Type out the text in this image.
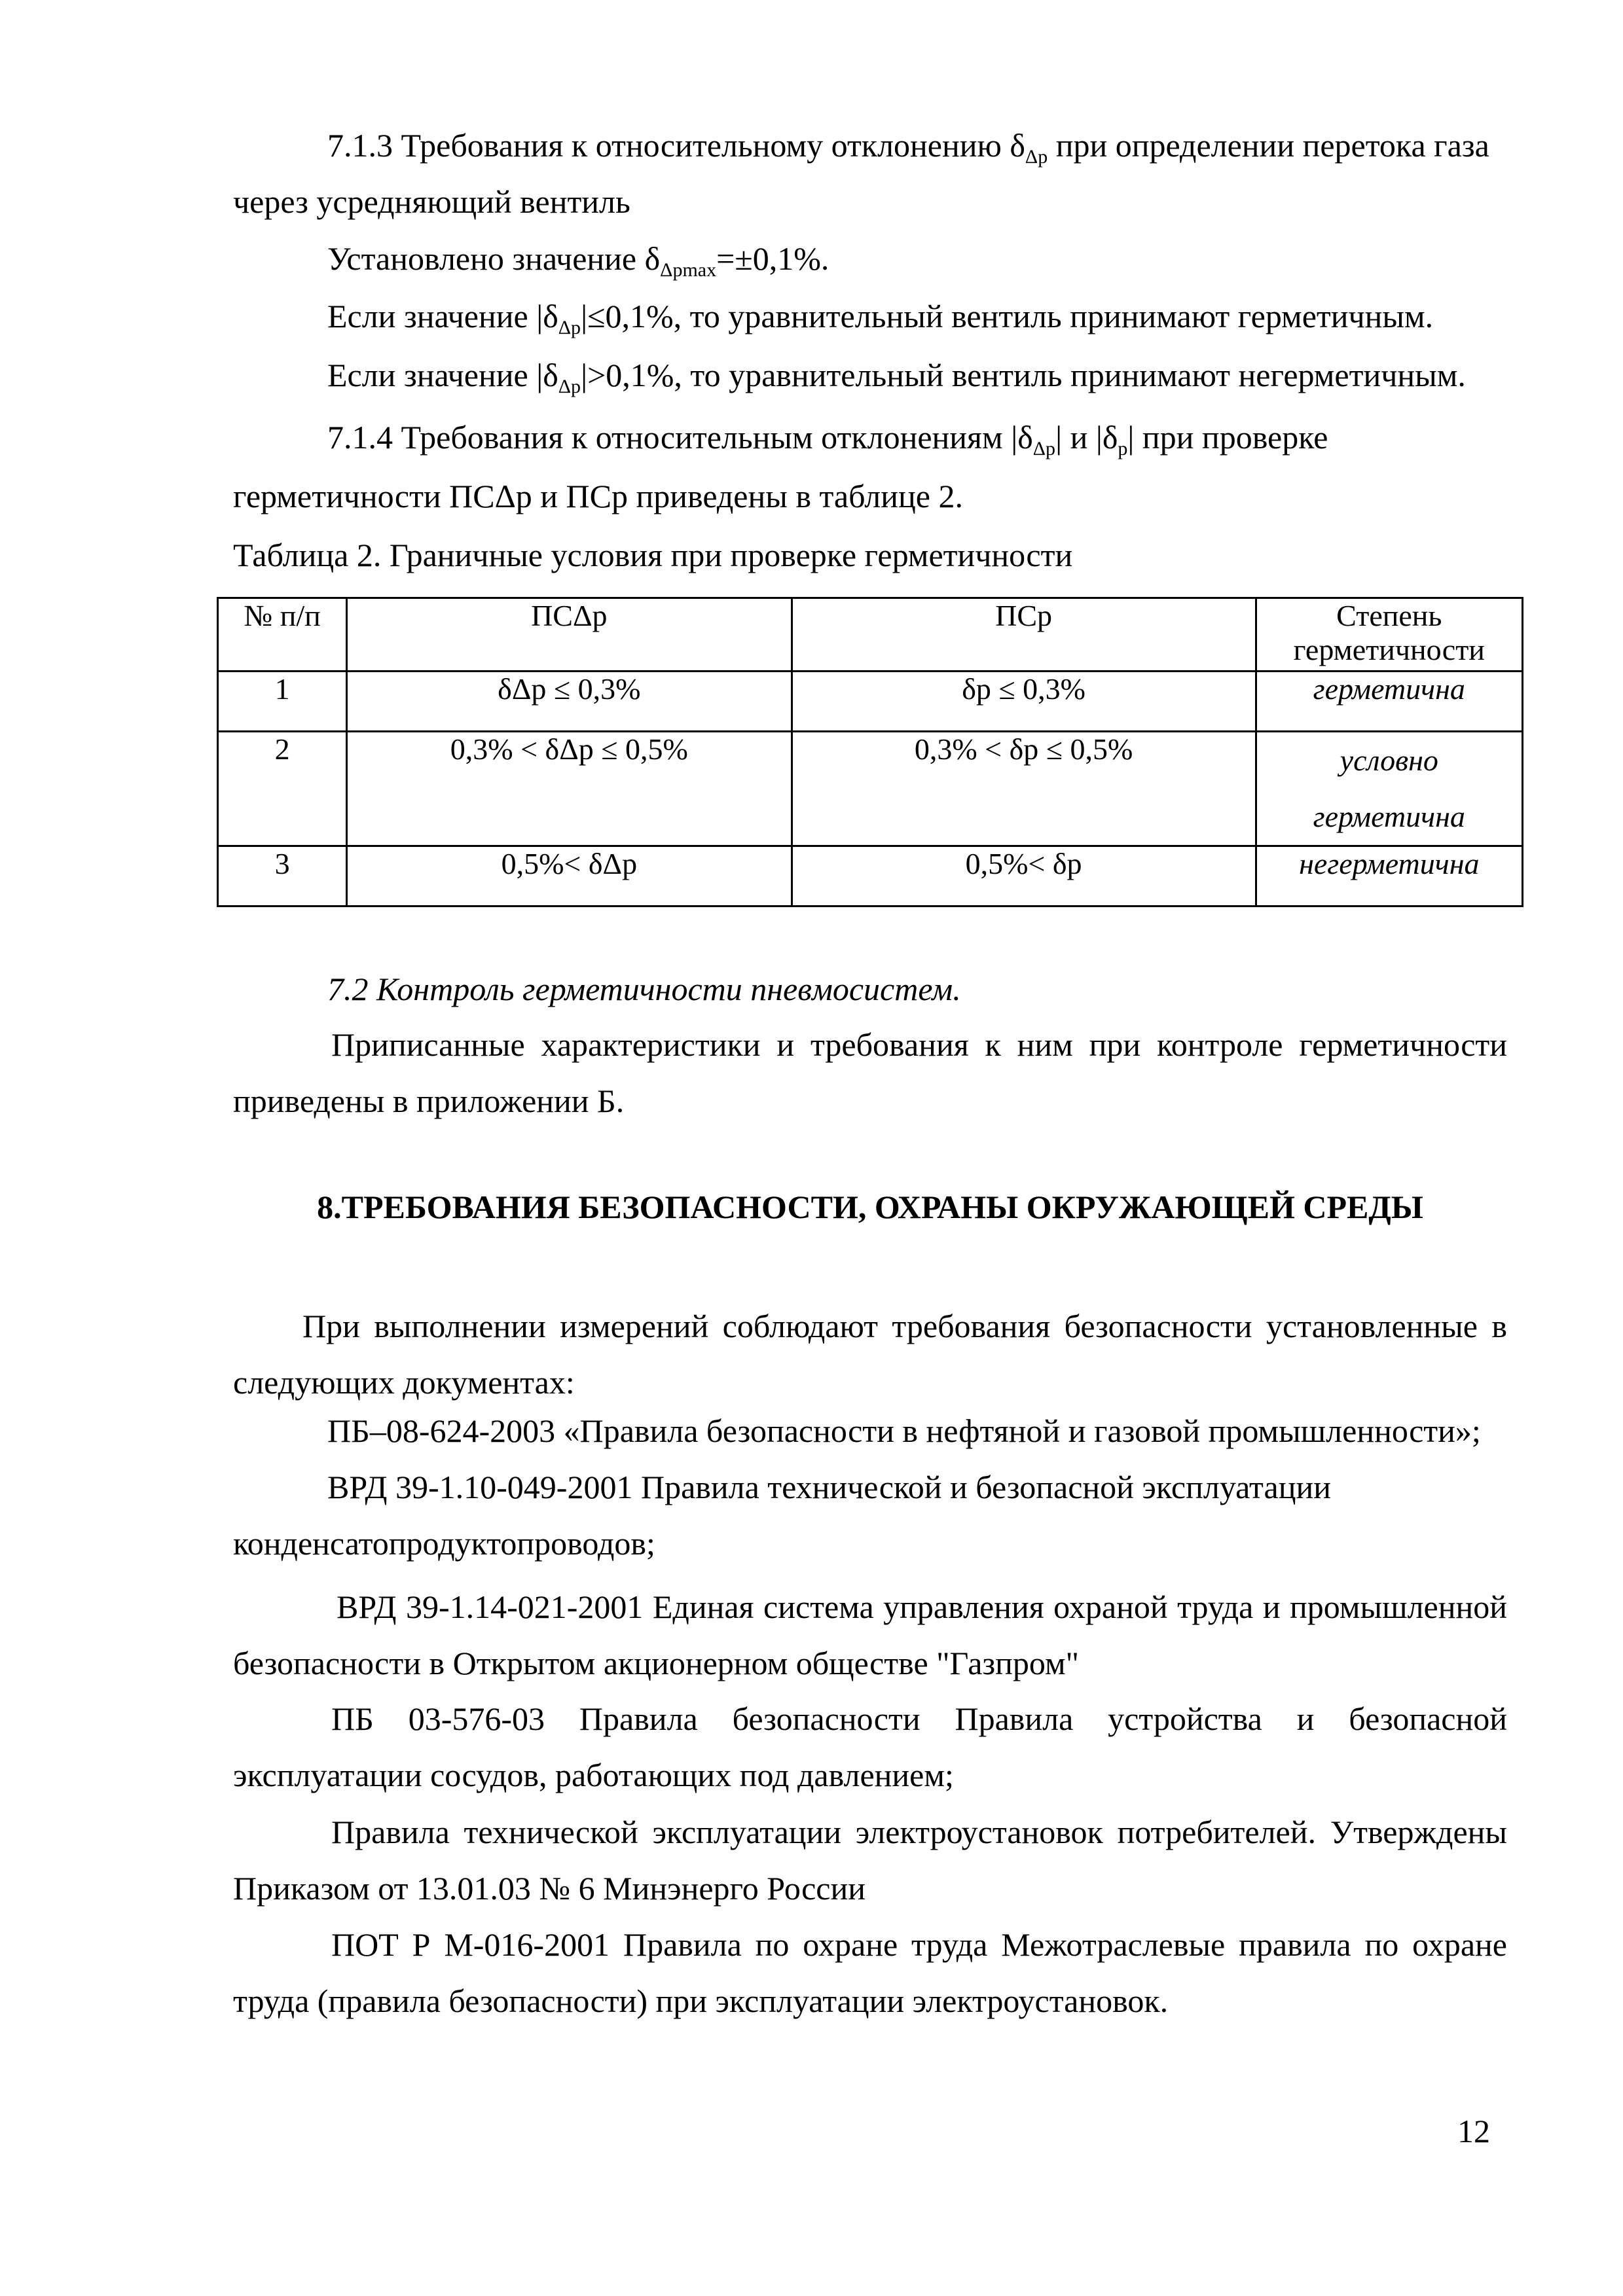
7.1.3 Требования к относительному отклонению $\delta_{\Delta р}$ при определении перетока газа
через усредняющий вентиль
Установлено значение $\delta_{\Delta рmax}=\pm 0,1\%$.
Если значение $|\delta_{\Delta р}|\le 0,1\%$, то уравнительный вентиль принимают герметичным.
Если значение $|\delta_{\Delta р}|>0,1\%$, то уравнительный вентиль принимают негерметичным.
7.1.4 Требования к относительным отклонениям $|\delta_{\Delta р}|$ и $|\delta_р|$ при проверке
герметичности ПСΔр и ПСр приведены в таблице 2.
Таблица 2. Граничные условия при проверке герметичности
№ п/п	ПСΔр	ПСр	Степень герметичности
1	δΔр ≤ 0,3%	δр ≤ 0,3%	герметична
2	0,3% < δΔр ≤ 0,5%	0,3% < δр ≤ 0,5%	условно герметична
3	0,5%< δΔр	0,5%< δр	негерметична
7.2 Контроль герметичности пневмосистем.
Приписанные характеристики и требования к ним при контроле герметичности приведены в приложении Б.
8.ТРЕБОВАНИЯ БЕЗОПАСНОСТИ, ОХРАНЫ ОКРУЖАЮЩЕЙ СРЕДЫ
При выполнении измерений соблюдают требования безопасности установленные в следующих документах:
ПБ–08-624-2003 «Правила безопасности в нефтяной и газовой промышленности»;
ВРД 39-1.10-049-2001 Правила технической и безопасной эксплуатации
конденсатопродуктопроводов;
ВРД 39-1.14-021-2001 Единая система управления охраной труда и промышленной безопасности в Открытом акционерном обществе "Газпром"
ПБ 03-576-03 Правила безопасности Правила устройства и безопасной эксплуатации сосудов, работающих под давлением;
Правила технической эксплуатации электроустановок потребителей. Утверждены Приказом от 13.01.03 № 6 Минэнерго России
ПОТ Р М-016-2001 Правила по охране труда Межотраслевые правила по охране труда (правила безопасности) при эксплуатации электроустановок.
12
